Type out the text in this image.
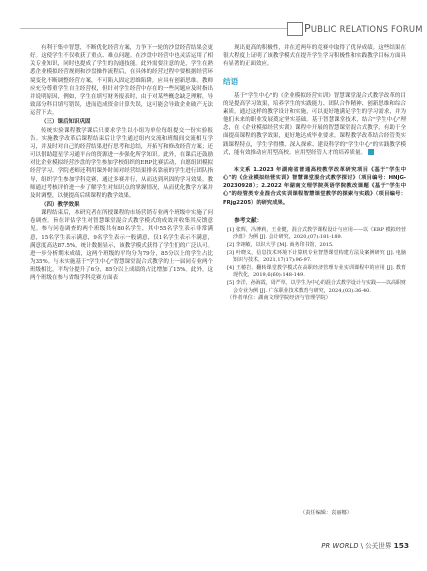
PUBLIC RELATIONS FORUM

有利于集中智慧，不断优化经营方案，力争下一轮的沙盘经营结果会更好。这使学生不仅收获了重点、难点问题。在沙盘中经营中也灵活运用了相关专业知识，同时也提成了学生的沟通技能。此外需要注意的是，学生在熟悉企业模拟经营规则和沙盘操作流程后，在具体的经营过程中要根据经营环境变化不断调整经营方案，不可陷入固定思维陷阱，应具有创新思维。教师应充分尊重学生自主经营权，但针对学生经营中存在的一些问题应及时指出并说明原因，例如，学生在填写财务报表时，由于对某些概念缺乏理解，导致部分科目填写错误，进而造成资金计算失误，这可能会导致企业破产无法运营下去。

（三）课后知识巩固

传统实验课程教学课后只要求学生以小组为单位每组提交一份实验报告。实施教学改革后课程结束后让学生通过组内交流和班级间交流相互学习，并及时对自己的经营结果进行思考和总结，开拓写和修改经营方案；还可以借助超星学习通平台的资源进一步强化所学知识。此外，在课后还鼓励对比企业模拟经营沙盘的学生参加学校组织的ERP比赛活动，自愿组团模拟经营学习。学院老师还利用课外时间对经营结果排名靠前的学生进行团队指导，组织学生参加学科竞赛，通过多赛并行，从而达到巩固的学习效果。教师通过考核评价进一步了解学生对知识点的掌握情况，从而优化教学方案并及时调整，以便提高后续课程的教学效果。

（四）教学效果

课程结束后，本研究者在所授课程的市场营销专业两个班级中实施了问卷调查。旨在评估学生对智慧课堂混合式教学模式的成效并收集其反馈意见。参与问卷调查的两个班级共有80名学生，其中55名学生表示非常满意，15名学生表示满意，9名学生表示一般满意，仅1名学生表示不满意，满意度高达87.5%，统计数据显示，该教学模式获得了学生们的广泛认可。进一步分析期末成绩，这两个班级的平均分为79分，85分以上的学生占比为35%。与未实施基于"学生中心"智慧课堂混合式教学的上一届同专业两个班级相比，平均分提升了6分，85分以上成绩的占比增加了15%。此外，这两个班级在参与省级学科竞赛方面表

现出更高的积极性，并在近两年的竞赛中取得了优异成绩。这些结果在很大程度上证明了该教学模式在提升学生学习积极性和实践教学目标方面具有显著的正面效应。

结语

基于"学生中心"的《企业模拟经营实训》智慧课堂混合式教学改革的目的是提高学习效果，培养学生的实践能力、团队合作精神、创新思维和综合素质。通过这样的教学设计和实施，可以更好地满足学生的学习需求，并为他们未来的职业发展奠定坚实基础。基于智慧课堂技术，结合"学生中心"理念，在《企业模拟经营实训》课程中开展的智慧课堂混合式教学，有助于全面提高课程的教学效果，更好地达成毕业要求。课程教学改革结合经管类实践课程特点，学生学得懂、深入探索、建设科学的"学生中心"的实践教学模式，能有效推动应用型高校。应用型经管人才的培养质量。

本文系 1.2023 年湖南省普通高校教学改革研究项目《基于"学生中心"的《企业模拟经营实训》智慧课堂混合式教学探讨》（项目编号：HNJG-20230928）；2.2022 年湖南文理学院英语学院教改课题《基于"学生中心"的经管类专业混合式实训课程智慧课堂教学的探索与实践》（项目编号：FRjg2205）的研究成果。

参考文献：

[1] 张辉，冯博莉，王业健，混合式教学课程设计与应用——以《ERP 模拟经营沙盘》为例 [J]. 会计研究，2020,(07):181-189.

[2] 李翊敏，以识大学 [M]. 商务印书馆，2015.

[3] 叶晓义，信息技术环境下计算机专业智慧课堂构建方法及案例研究 [J]. 电脑知识与技术，2021,17(17):96-97.

[4] 王椿岩，翻转课堂教学模式在高职经济管理专业实训课程中的应用 [J]. 教育现代化，2019,6(60):148-149.

[5] 李洋，孙海霞，周严草，以学生为中心的混合式教学设计与实践——以高职财会专业为例 [J]. 广东职业技术教育与研究，2024,(03):36-40.

（作者单位：湖南文理学院经济与管理学院）

（责任编辑：袁丽娜）
PR WORLD \ 公关世界 153
